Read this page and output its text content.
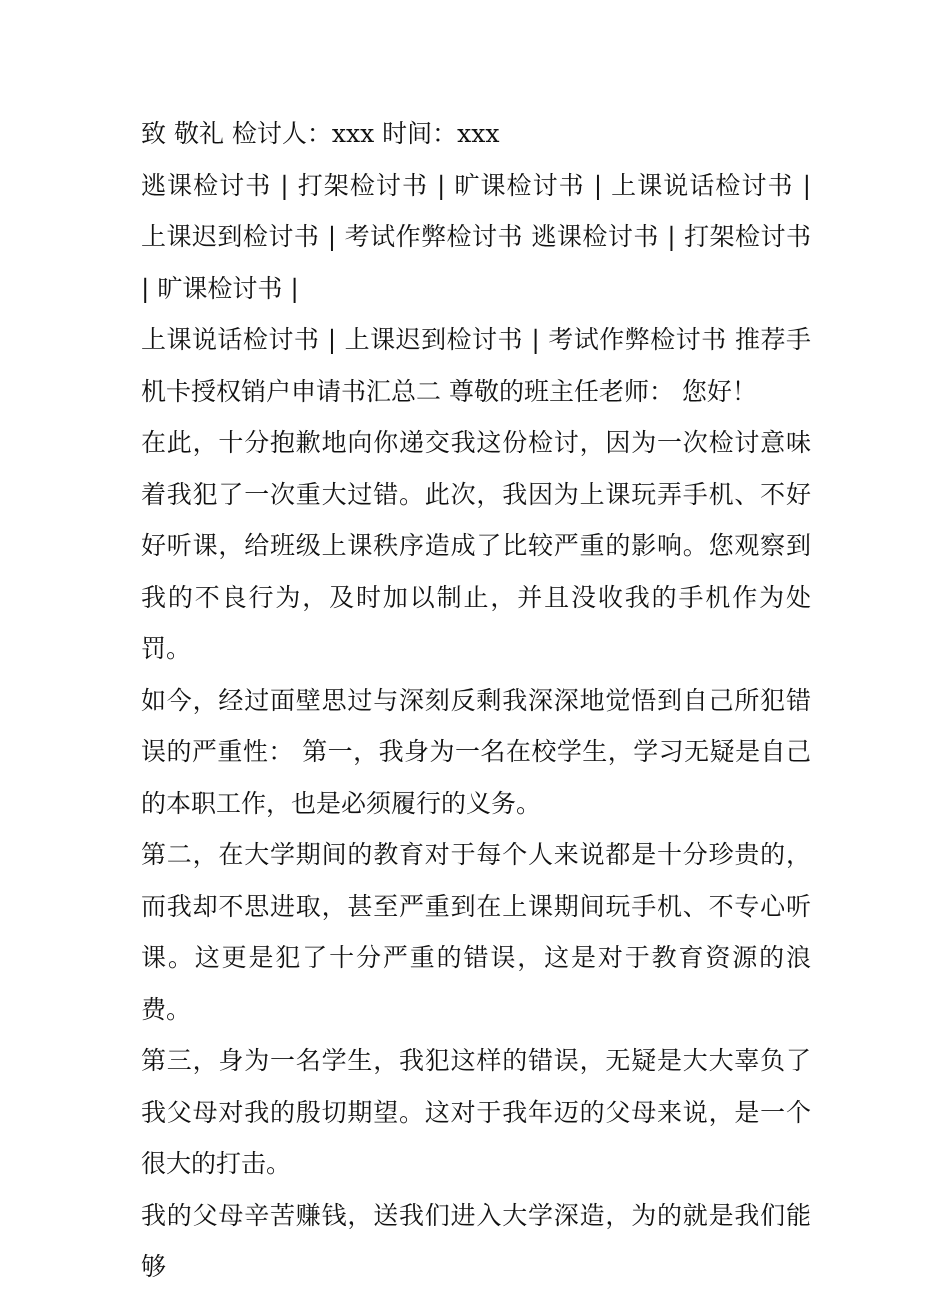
致 敬礼 检讨人：xxx 时间：xxx

逃课检讨书 | 打架检讨书 | 旷课检讨书 | 上课说话检讨书 | 上课迟到检讨书 | 考试作弊检讨书 逃课检讨书 | 打架检讨书 | 旷课检讨书 |

上课说话检讨书 | 上课迟到检讨书 | 考试作弊检讨书 推荐手机卡授权销户申请书汇总二 尊敬的班主任老师： 您好！

在此，十分抱歉地向你递交我这份检讨，因为一次检讨意味着我犯了一次重大过错。此次，我因为上课玩弄手机、不好好听课，给班级上课秩序造成了比较严重的影响。您观察到我的不良行为，及时加以制止，并且没收我的手机作为处罚。

如今，经过面壁思过与深刻反剩我深深地觉悟到自己所犯错误的严重性： 第一，我身为一名在校学生，学习无疑是自己的本职工作，也是必须履行的义务。

第二，在大学期间的教育对于每个人来说都是十分珍贵的，而我却不思进取，甚至严重到在上课期间玩手机、不专心听课。这更是犯了十分严重的错误，这是对于教育资源的浪费。

第三，身为一名学生，我犯这样的错误，无疑是大大辜负了我父母对我的殷切期望。这对于我年迈的父母来说，是一个很大的打击。

我的父母辛苦赚钱，送我们进入大学深造，为的就是我们能够
